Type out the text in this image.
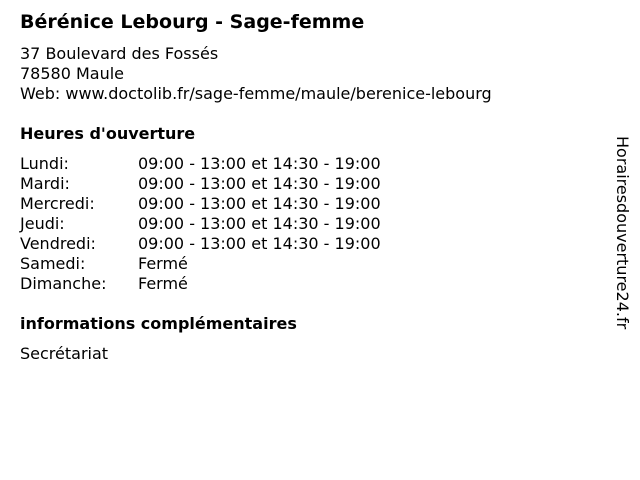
Bérénice Lebourg - Sage-femme
37 Boulevard des Fossés
78580 Maule
Web: www.doctolib.fr/sage-femme/maule/berenice-lebourg
Heures d'ouverture
Lundi:	09:00 - 13:00 et 14:30 - 19:00
Mardi:	09:00 - 13:00 et 14:30 - 19:00
Mercredi:	09:00 - 13:00 et 14:30 - 19:00
Jeudi:	09:00 - 13:00 et 14:30 - 19:00
Vendredi:	09:00 - 13:00 et 14:30 - 19:00
Samedi:	Fermé
Dimanche: Fermé
informations complémentaires
Secrétariat
Horairesdouverture24.fr
